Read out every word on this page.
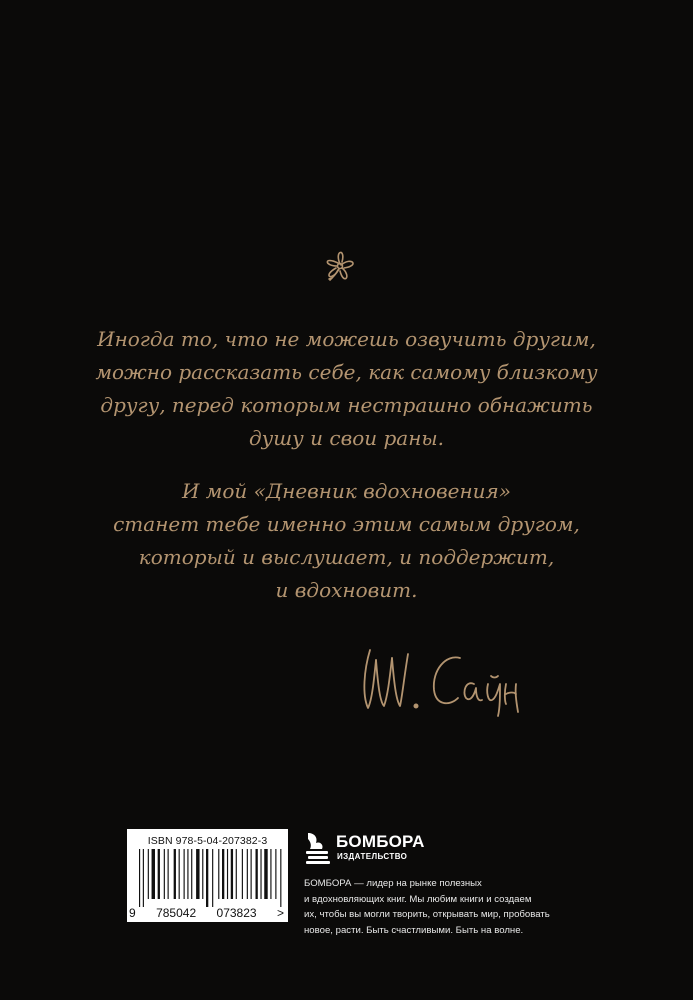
Иногда то, что не можешь озвучить другим,

можно рассказать себе, как самому близкому

другу, перед которым нестрашно обнажить

душу и свои раны.

И мой «Дневник вдохновения»

станет тебе именно этим самым другом,

который и выслушает, и поддержит,

и вдохновит.

ISBN 978-5-04-207382-3
9 785042 073823 >
БОМБОРА
ИЗДАТЕЛЬСТВО
БОМБОРА — лидер на рынке полезных
и вдохновляющих книг. Мы любим книги и создаем
их, чтобы вы могли творить, открывать мир, пробовать
новое, расти. Быть счастливыми. Быть на волне.
